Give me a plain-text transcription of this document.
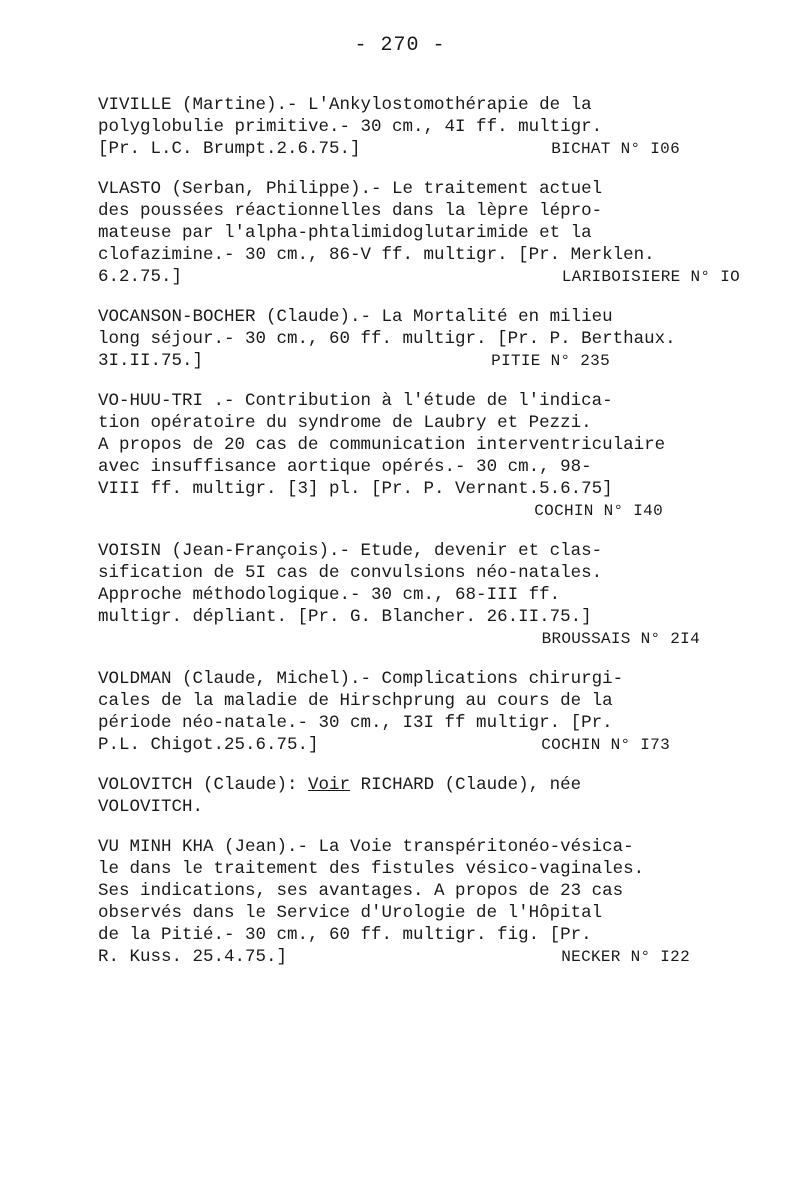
- 270 -
VIVILLE (Martine).- L'Ankylostomothérapie de la
polyglobulie primitive.- 30 cm., 4I ff. multigr.
[Pr. L.C. Brumpt.2.6.75.]	BICHAT N° I06
VLASTO (Serban, Philippe).- Le traitement actuel
des poussées réactionnelles dans la lèpre lépro-
mateuse par l'alpha-phtalimidoglutarimide et la
clofazimine.- 30 cm., 86-V ff. multigr. [Pr. Merklen.
6.2.75.]	LARIBOISIERE N° IO
VOCANSON-BOCHER (Claude).- La Mortalité en milieu
long séjour.- 30 cm., 60 ff. multigr. [Pr. P. Berthaux.
3I.II.75.]	PITIE N° 235
VO-HUU-TRI .- Contribution à l'étude de l'indica-
tion opératoire du syndrome de Laubry et Pezzi.
A propos de 20 cas de communication interventriculaire
avec insuffisance aortique opérés.- 30 cm., 98-
VIII ff. multigr. [3] pl. [Pr. P. Vernant.5.6.75]
COCHIN N° I40
VOISIN (Jean-François).- Etude, devenir et clas-
sification de 5I cas de convulsions néo-natales.
Approche méthodologique.- 30 cm., 68-III ff.
multigr. dépliant. [Pr. G. Blancher. 26.II.75.]
BROUSSAIS N° 2I4
VOLDMAN (Claude, Michel).- Complications chirurgi-
cales de la maladie de Hirschprung au cours de la
période néo-natale.- 30 cm., I3I ff multigr. [Pr.
P.L. Chigot.25.6.75.]	COCHIN N° I73
VOLOVITCH (Claude): Voir RICHARD (Claude), née
VOLOVITCH.
VU MINH KHA (Jean).- La Voie transpéritonéo-vésica-
le dans le traitement des fistules vésico-vaginales.
Ses indications, ses avantages. A propos de 23 cas
observés dans le Service d'Urologie de l'Hôpital
de la Pitié.- 30 cm., 60 ff. multigr. fig. [Pr.
R. Kuss. 25.4.75.]	NECKER N° I22
